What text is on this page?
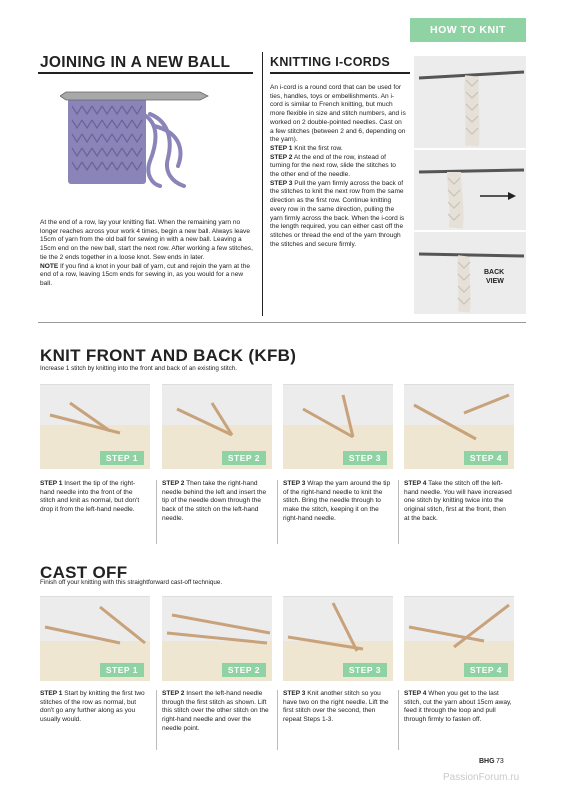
HOW TO KNIT
JOINING IN A NEW BALL
At the end of a row, lay your knitting flat. When the remaining yarn no longer reaches across your work 4 times, begin a new ball. Always leave 15cm of yarn from the old ball for sewing in with a new ball. Leaving a 15cm end on the new ball, start the next row. After working a few stitches, tie the 2 ends together in a loose knot. Sew ends in later.
NOTE If you find a knot in your ball of yarn, cut and rejoin the yarn at the end of a row, leaving 15cm ends for sewing in, as you would for a new ball.
KNITTING I-CORDS
An i-cord is a round cord that can be used for ties, handles, toys or embellishments. An i-cord is similar to French knitting, but much more flexible in size and stitch numbers, and is worked on 2 double-pointed needles. Cast on a few stitches (between 2 and 6, depending on the yarn).
STEP 1 Knit the first row.
STEP 2 At the end of the row, instead of turning for the next row, slide the stitches to the other end of the needle.
STEP 3 Pull the yarn firmly across the back of the stitches to knit the next row from the same direction as the first row. Continue knitting every row in the same direction, pulling the yarn firmly across the back. When the i-cord is the length required, you can either cast off the stitches or thread the end of the yarn through the stitches and secure firmly.
BACK
VIEW
KNIT FRONT AND BACK (KFB)
Increase 1 stitch by knitting into the front and back of an existing stitch.
STEP 1	STEP 2	STEP 3	STEP 4
STEP 1 Insert the tip of the right-hand needle into the front of the stitch and knit as normal, but don't drop it from the left-hand needle.
STEP 2 Then take the right-hand needle behind the left and insert the tip of the needle down through the back of the stitch on the left-hand needle.
STEP 3 Wrap the yarn around the tip of the right-hand needle to knit the stitch. Bring the needle through to make the stitch, keeping it on the right-hand needle.
STEP 4 Take the stitch off the left-hand needle. You will have increased one stitch by knitting twice into the original stitch, first at the front, then at the back.
CAST OFF
Finish off your knitting with this straightforward cast-off technique.
STEP 1	STEP 2	STEP 3	STEP 4
STEP 1 Start by knitting the first two stitches of the row as normal, but don't go any further along as you usually would.
STEP 2 Insert the left-hand needle through the first stitch as shown. Lift this stitch over the other stitch on the right-hand needle and over the needle point.
STEP 3 Knit another stitch so you have two on the right needle. Lift the first stitch over the second, then repeat Steps 1-3.
STEP 4 When you get to the last stitch, cut the yarn about 15cm away, feed it through the loop and pull through firmly to fasten off.
BHG 73
PassionForum.ru
